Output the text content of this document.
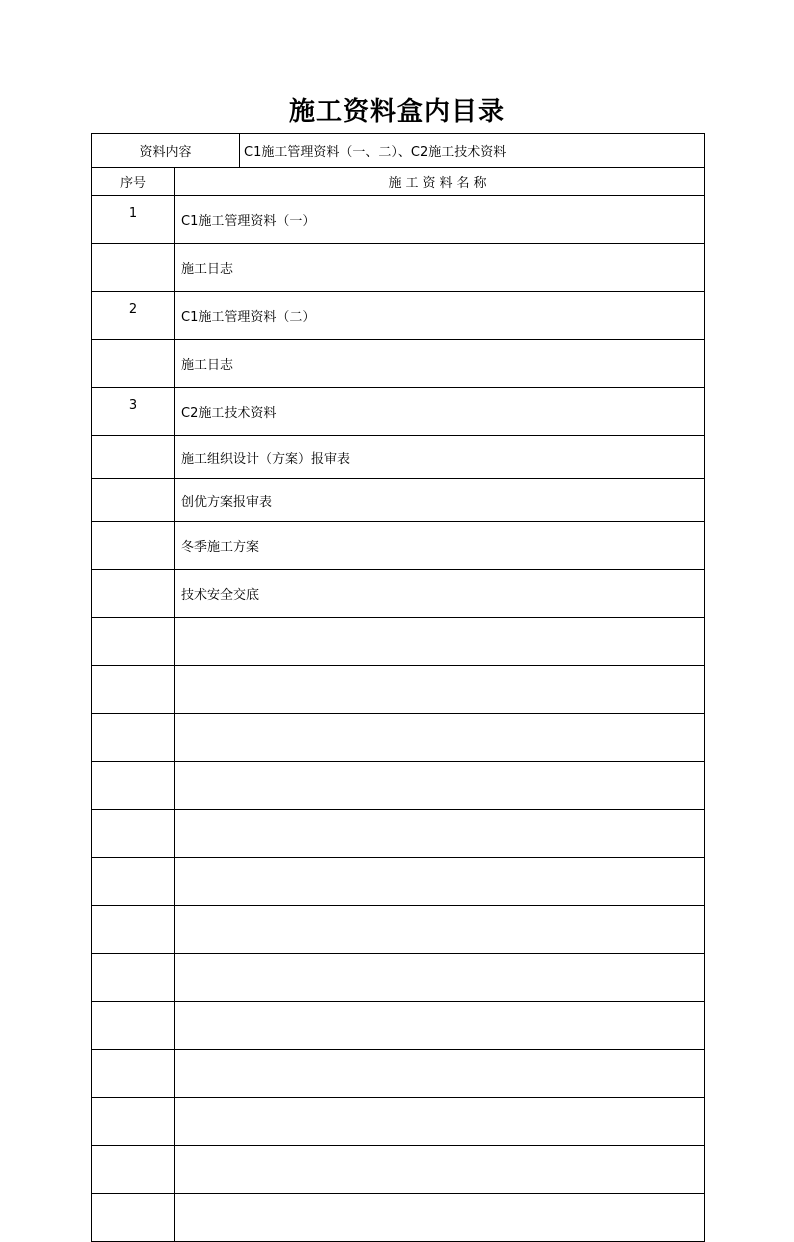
施工资料盒内目录
资料内容		C1施工管理资料（一、二）、C2施工技术资料
序号	施工资料名称	
1	C1施工管理资料（一）	
	施工日志	
2	C1施工管理资料（二）	
	施工日志	
3	C2施工技术资料	
	施工组织设计（方案）报审表	
	创优方案报审表	
	冬季施工方案	
	技术安全交底	
